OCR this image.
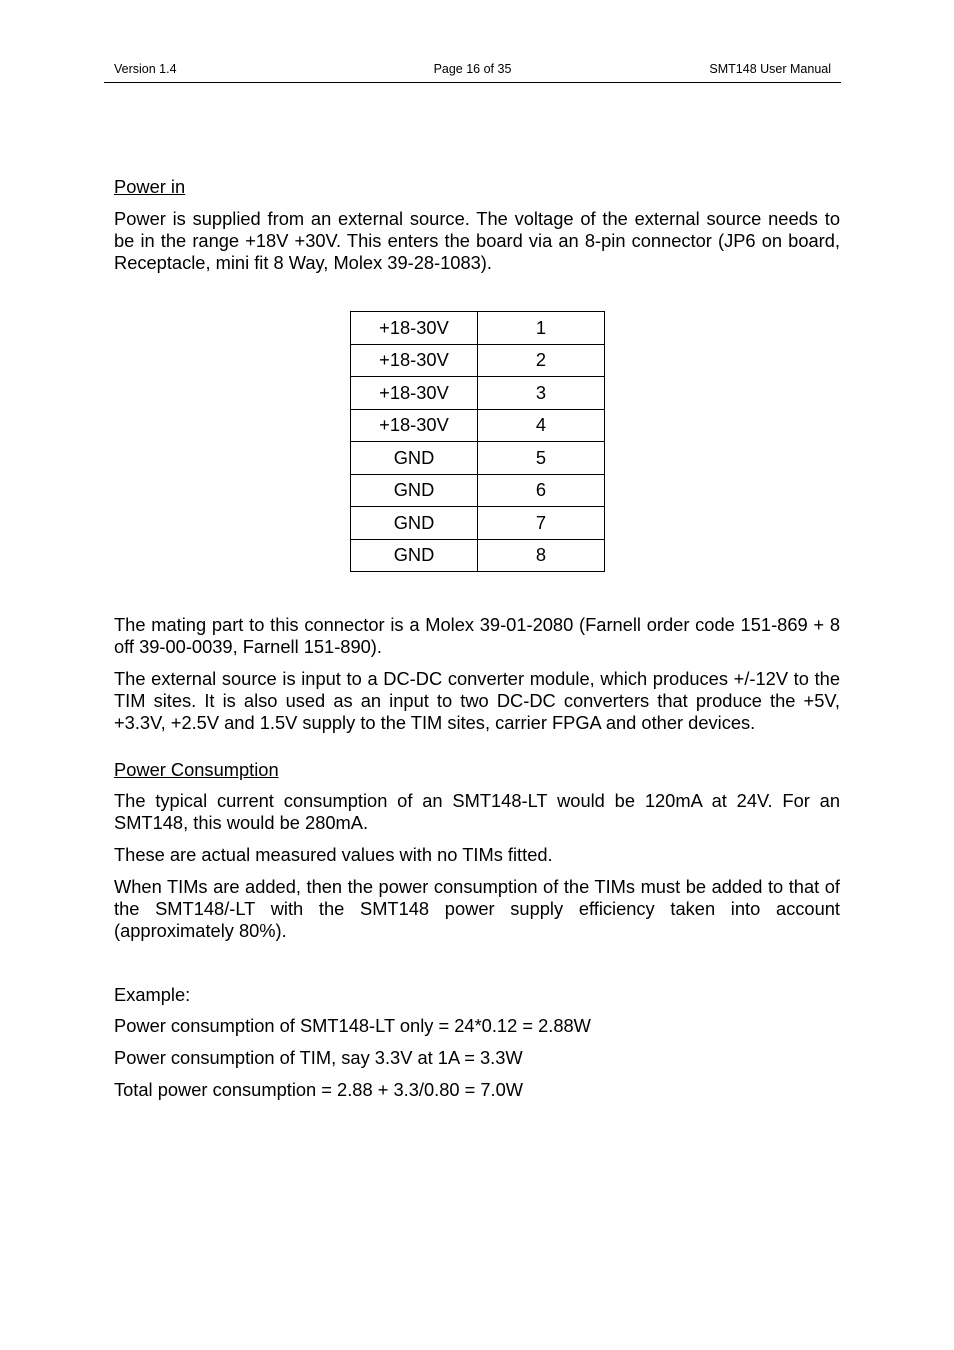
Version 1.4	Page 16 of 35	SMT148 User Manual
Power in
Power is supplied from an external source. The voltage of the external source needs to be in the range +18V +30V. This enters the board via an 8-pin connector (JP6 on board, Receptacle, mini fit 8 Way, Molex 39-28-1083).
+18-30V	1
+18-30V	2
+18-30V	3
+18-30V	4
GND	5
GND	6
GND	7
GND	8
The mating part to this connector is a Molex 39-01-2080 (Farnell order code 151-869 + 8 off 39-00-0039, Farnell 151-890).
The external source is input to a DC-DC converter module, which produces +/-12V to the TIM sites. It is also used as an input to two DC-DC converters that produce the +5V, +3.3V, +2.5V and 1.5V supply to the TIM sites, carrier FPGA and other devices.
Power Consumption
The typical current consumption of an SMT148-LT would be 120mA at 24V. For an SMT148, this would be 280mA.
These are actual measured values with no TIMs fitted.
When TIMs are added, then the power consumption of the TIMs must be added to that of the SMT148/-LT with the SMT148 power supply efficiency taken into account (approximately 80%).
Example:
Power consumption of SMT148-LT only = 24*0.12 = 2.88W
Power consumption of TIM, say 3.3V at 1A = 3.3W
Total power consumption = 2.88 + 3.3/0.80 = 7.0W
